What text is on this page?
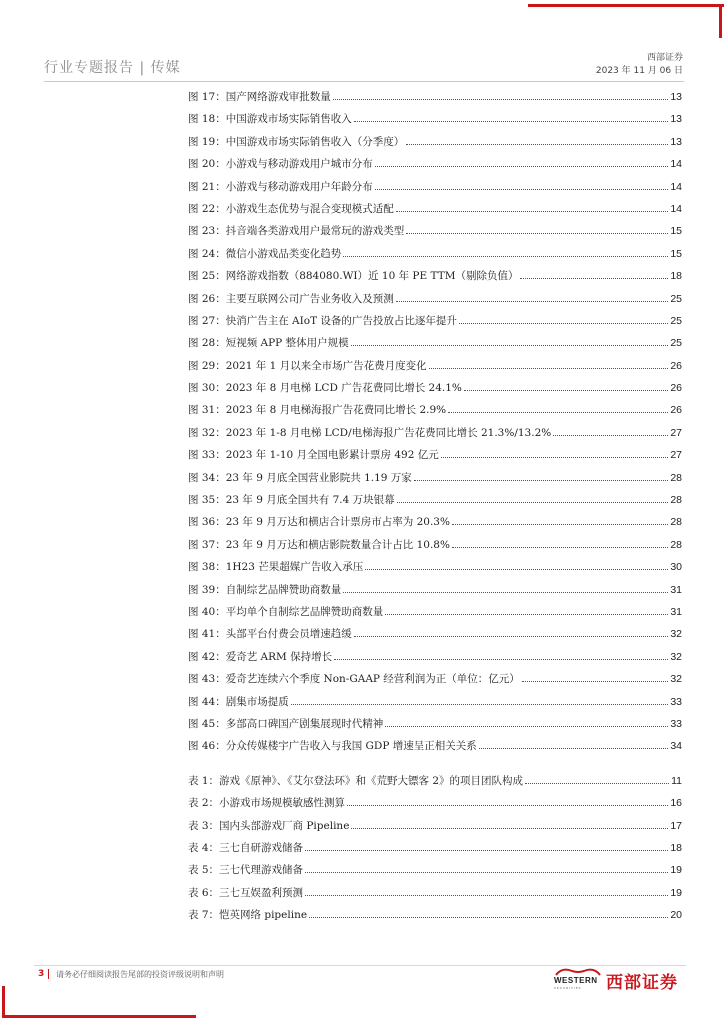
行业专题报告 | 传媒
西部证券
2023 年 11 月 06 日
图 17：国产网络游戏审批数量	13
图 18：中国游戏市场实际销售收入	13
图 19：中国游戏市场实际销售收入（分季度）	13
图 20：小游戏与移动游戏用户城市分布	14
图 21：小游戏与移动游戏用户年龄分布	14
图 22：小游戏生态优势与混合变现模式适配	14
图 23：抖音端各类游戏用户最常玩的游戏类型	15
图 24：微信小游戏品类变化趋势	15
图 25：网络游戏指数（884080.WI）近 10 年 PE TTM（剔除负值）	18
图 26：主要互联网公司广告业务收入及预测	25
图 27：快消广告主在 AIoT 设备的广告投放占比逐年提升	25
图 28：短视频 APP 整体用户规模	25
图 29：2021 年 1 月以来全市场广告花费月度变化	26
图 30：2023 年 8 月电梯 LCD 广告花费同比增长 24.1%	26
图 31：2023 年 8 月电梯海报广告花费同比增长 2.9%	26
图 32：2023 年 1-8 月电梯 LCD/电梯海报广告花费同比增长 21.3%/13.2%	27
图 33：2023 年 1-10 月全国电影累计票房 492 亿元	27
图 34：23 年 9 月底全国营业影院共 1.19 万家	28
图 35：23 年 9 月底全国共有 7.4 万块银幕	28
图 36：23 年 9 月万达和横店合计票房市占率为 20.3%	28
图 37：23 年 9 月万达和横店影院数量合计占比 10.8%	28
图 38：1H23 芒果超媒广告收入承压	30
图 39：自制综艺品牌赞助商数量	31
图 40：平均单个自制综艺品牌赞助商数量	31
图 41：头部平台付费会员增速趋缓	32
图 42：爱奇艺 ARM 保持增长	32
图 43：爱奇艺连续六个季度 Non-GAAP 经营利润为正（单位：亿元）	32
图 44：剧集市场提质	33
图 45：多部高口碑国产剧集展现时代精神	33
图 46：分众传媒楼宇广告收入与我国 GDP 增速呈正相关关系	34
表 1：游戏《原神》、《艾尔登法环》和《荒野大镖客 2》的项目团队构成	11
表 2：小游戏市场规模敏感性测算	16
表 3：国内头部游戏厂商 Pipeline	17
表 4：三七自研游戏储备	18
表 5：三七代理游戏储备	19
表 6：三七互娱盈利预测	19
表 7：恺英网络 pipeline	20
3 请务必仔细阅读报告尾部的投资评级说明和声明
WESTERN
SECURITIES 西部证券
